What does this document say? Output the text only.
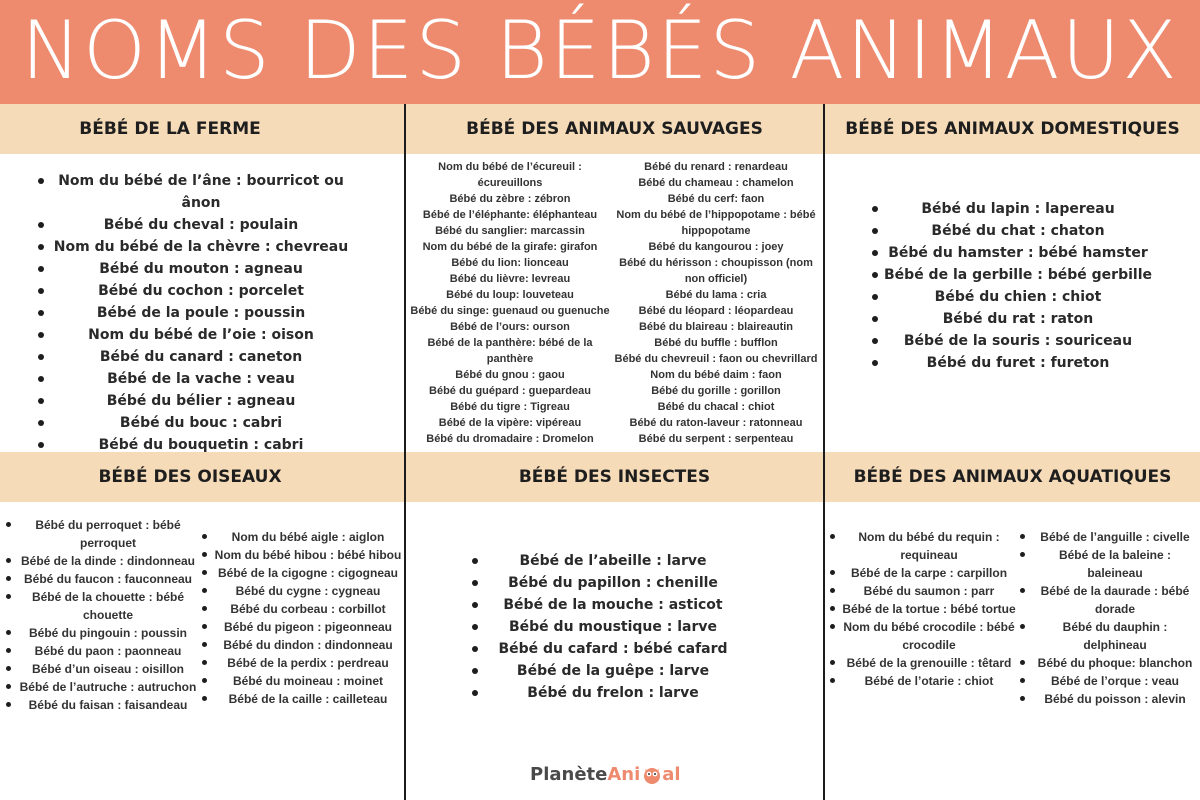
NOMS DES BÉBÉS ANIMAUX
BÉBÉ DE LA FERME	BÉBÉ DES ANIMAUX SAUVAGES	BÉBÉ DES ANIMAUX DOMESTIQUES
BÉBÉ DES OISEAUX	BÉBÉ DES INSECTES	BÉBÉ DES ANIMAUX AQUATIQUES
Nom du bébé de l’âne : bourricot ou ânon
Bébé du cheval : poulain
Nom du bébé de la chèvre : chevreau
Bébé du mouton : agneau
Bébé du cochon : porcelet
Bébé de la poule : poussin
Nom du bébé de l’oie : oison
Bébé du canard : caneton
Bébé de la vache : veau
Bébé du bélier : agneau
Bébé du bouc : cabri
Bébé du bouquetin : cabri
Nom du bébé de l’écureuil : écureuillons
Bébé du zèbre : zébron
Bébé de l’éléphante: éléphanteau
Bébé du sanglier: marcassin
Nom du bébé de la girafe: girafon
Bébé du lion: lionceau
Bébé du lièvre: levreau
Bébé du loup: louveteau
Bébé du singe: guenaud ou guenuche
Bébé de l’ours: ourson
Bébé de la panthère: bébé de la panthère
Bébé du gnou : gaou
Bébé du guépard : guepardeau
Bébé du tigre : Tigreau
Bébé de la vipère: vipéreau
Bébé du dromadaire : Dromelon
Bébé du renard : renardeau
Bébé du chameau : chamelon
Bébé du cerf: faon
Nom du bébé de l’hippopotame : bébé hippopotame
Bébé du kangourou : joey
Bébé du hérisson : choupisson (nom non officiel)
Bébé du lama : cria
Bébé du léopard : léopardeau
Bébé du blaireau : blaireautin
Bébé du buffle : bufflon
Bébé du chevreuil : faon ou chevrillard
Nom du bébé daim : faon
Bébé du gorille : gorillon
Bébé du chacal : chiot
Bébé du raton-laveur : ratonneau
Bébé du serpent : serpenteau
Bébé du lapin : lapereau
Bébé du chat : chaton
Bébé du hamster : bébé hamster
Bébé de la gerbille : bébé gerbille
Bébé du chien : chiot
Bébé du rat : raton
Bébé de la souris : souriceau
Bébé du furet : fureton
Bébé du perroquet : bébé perroquet
Bébé de la dinde : dindonneau
Bébé du faucon : fauconneau
Bébé de la chouette : bébé chouette
Bébé du pingouin : poussin
Bébé du paon : paonneau
Bébé d’un oiseau : oisillon
Bébé de l’autruche : autruchon
Bébé du faisan : faisandeau
Nom du bébé aigle : aiglon
Nom du bébé hibou : bébé hibou
Bébé de la cigogne : cigogneau
Bébé du cygne : cygneau
Bébé du corbeau : corbillot
Bébé du pigeon : pigeonneau
Bébé du dindon : dindonneau
Bébé de la perdix : perdreau
Bébé du moineau : moinet
Bébé de la caille : cailleteau
Bébé de l’abeille : larve
Bébé du papillon : chenille
Bébé de la mouche : asticot
Bébé du moustique : larve
Bébé du cafard : bébé cafard
Bébé de la guêpe : larve
Bébé du frelon : larve
Nom du bébé du requin : requineau
Bébé de la carpe : carpillon
Bébé du saumon : parr
Bébé de la tortue : bébé tortue
Nom du bébé crocodile : bébé crocodile
Bébé de la grenouille : têtard
Bébé de l’otarie : chiot
Bébé de l’anguille : civelle
Bébé de la baleine : baleineau
Bébé de la daurade : bébé dorade
Bébé du dauphin : delphineau
Bébé du phoque: blanchon
Bébé de l’orque : veau
Bébé du poisson : alevin
PlanèteAni al
